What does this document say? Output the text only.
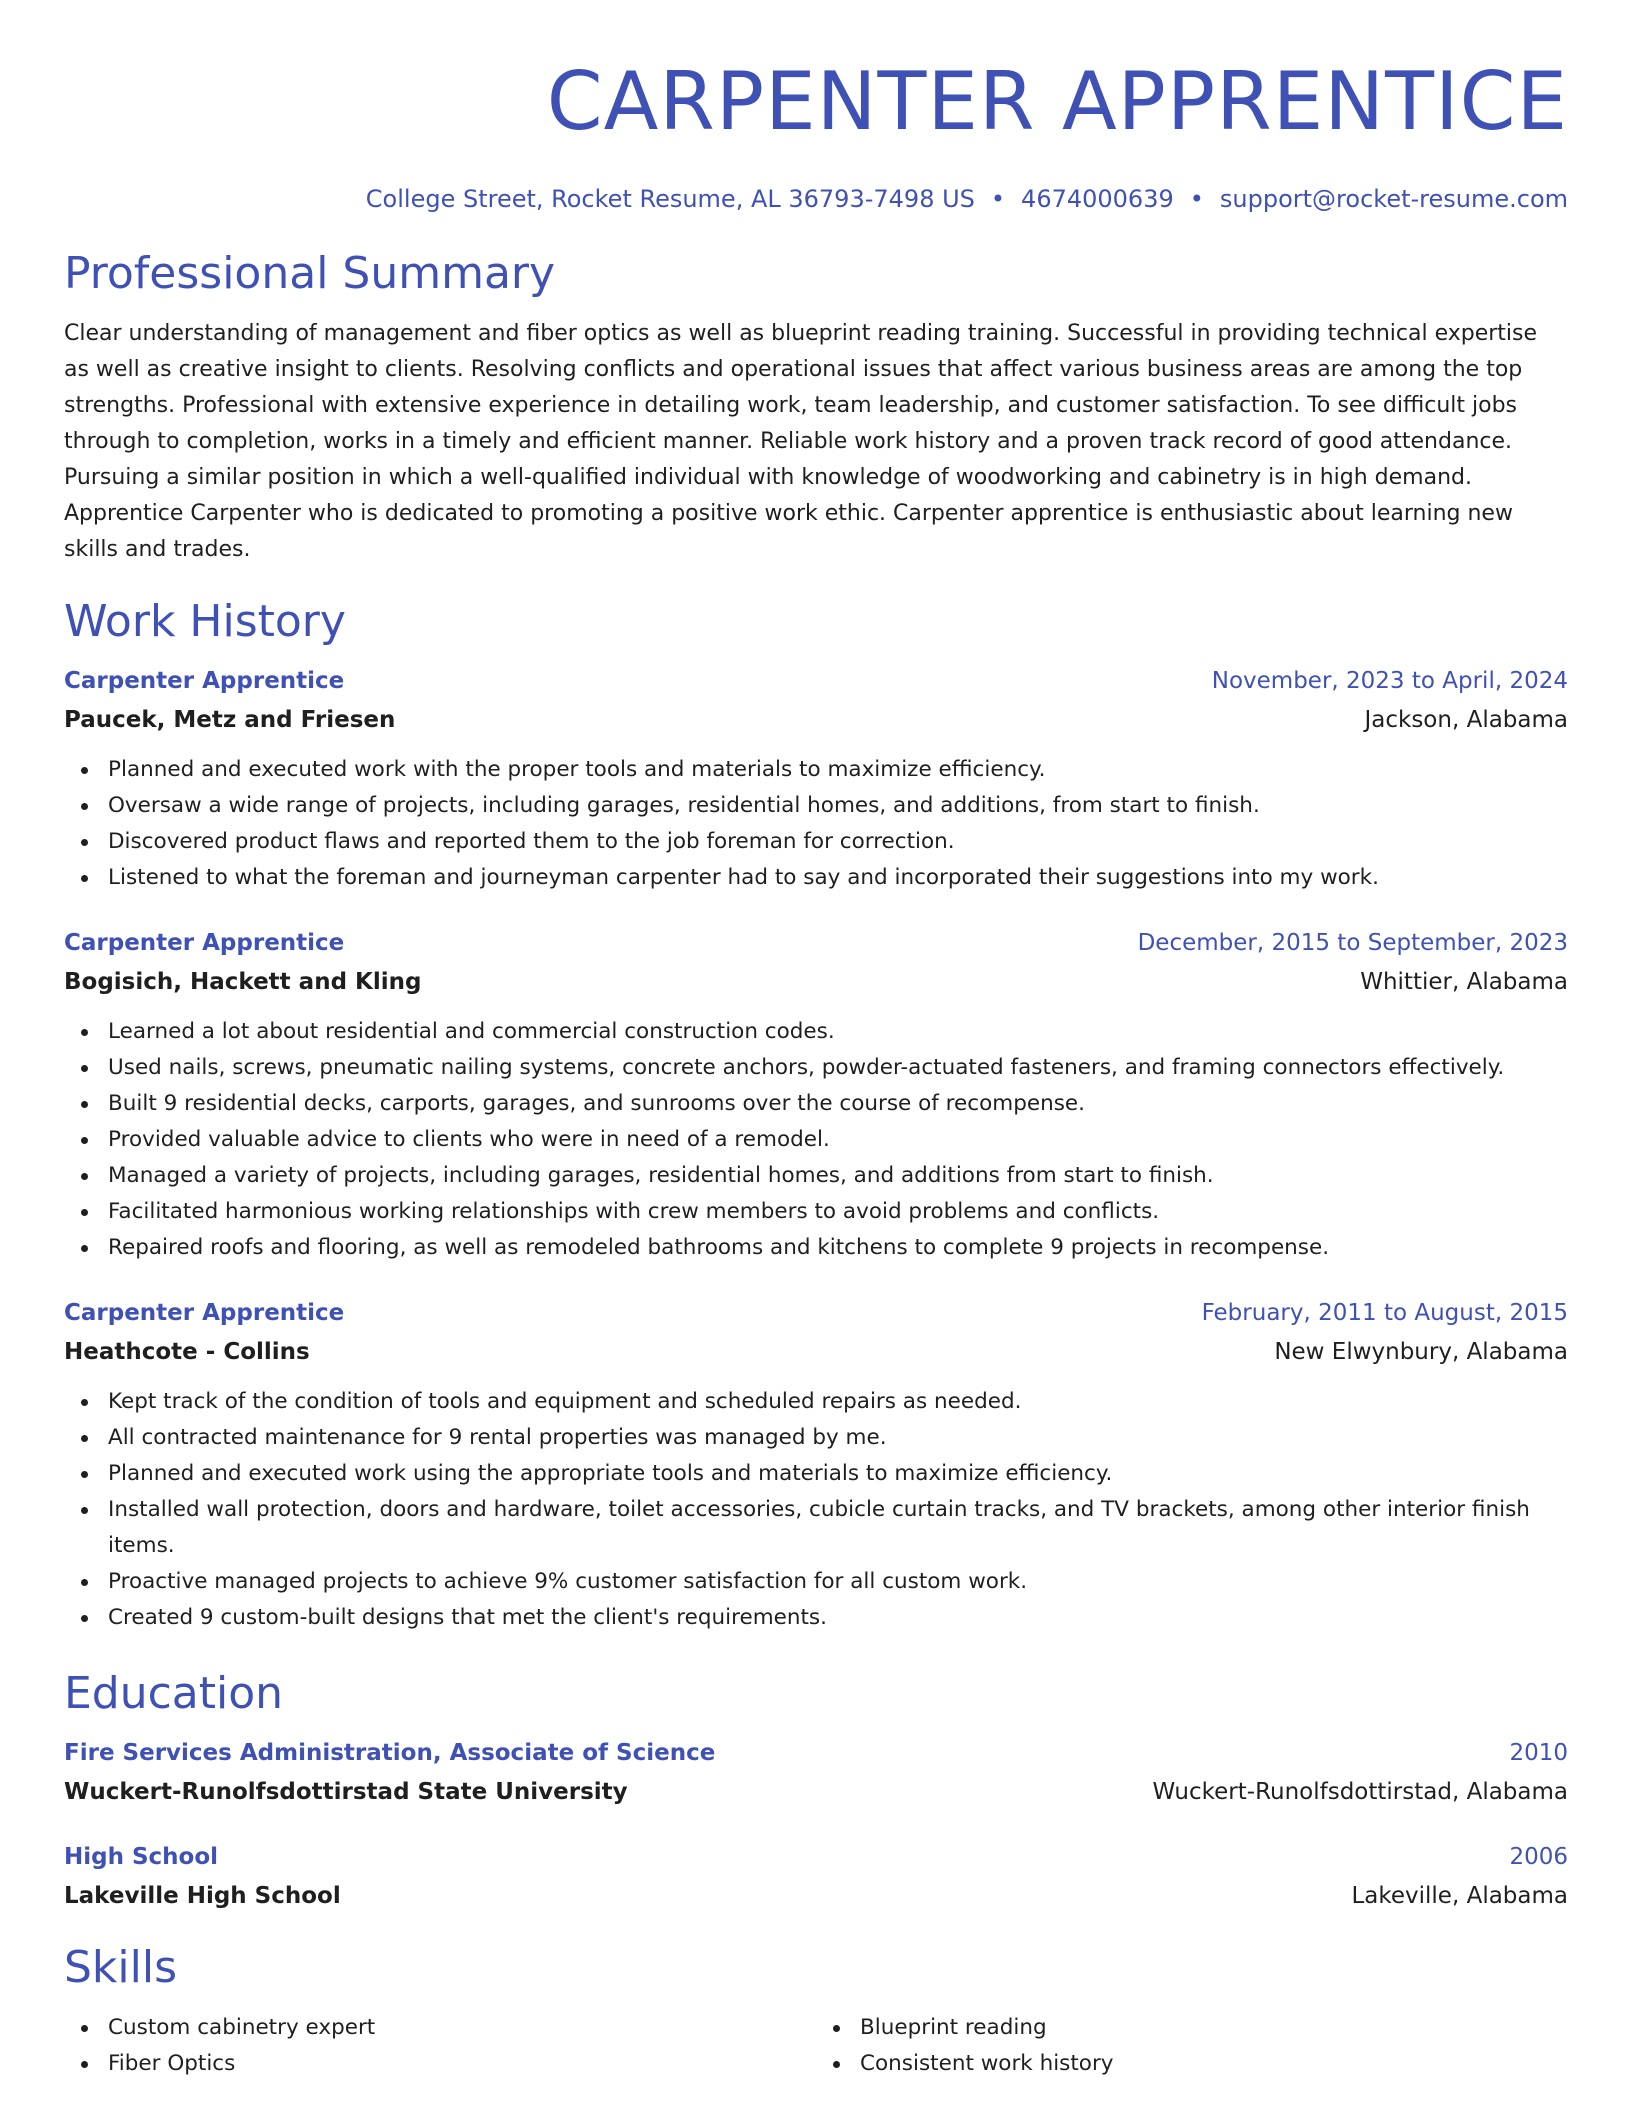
CARPENTER APPRENTICE
College Street, Rocket Resume, AL 36793-7498 US • 4674000639 • support@rocket-resume.com
Professional Summary

Clear understanding of management and fiber optics as well as blueprint reading training. Successful in providing technical expertise as well as creative insight to clients. Resolving conflicts and operational issues that affect various business areas are among the top strengths. Professional with extensive experience in detailing work, team leadership, and customer satisfaction. To see difficult jobs through to completion, works in a timely and efficient manner. Reliable work history and a proven track record of good attendance. Pursuing a similar position in which a well-qualified individual with knowledge of woodworking and cabinetry is in high demand. Apprentice Carpenter who is dedicated to promoting a positive work ethic. Carpenter apprentice is enthusiastic about learning new skills and trades.

Work History
Carpenter Apprentice	November, 2023 to April, 2024
Paucek, Metz and Friesen	Jackson, Alabama
Planned and executed work with the proper tools and materials to maximize efficiency.
Oversaw a wide range of projects, including garages, residential homes, and additions, from start to finish.
Discovered product flaws and reported them to the job foreman for correction.
Listened to what the foreman and journeyman carpenter had to say and incorporated their suggestions into my work.
Carpenter Apprentice	December, 2015 to September, 2023
Bogisich, Hackett and Kling	Whittier, Alabama
Learned a lot about residential and commercial construction codes.
Used nails, screws, pneumatic nailing systems, concrete anchors, powder-actuated fasteners, and framing connectors effectively.
Built 9 residential decks, carports, garages, and sunrooms over the course of recompense.
Provided valuable advice to clients who were in need of a remodel.
Managed a variety of projects, including garages, residential homes, and additions from start to finish.
Facilitated harmonious working relationships with crew members to avoid problems and conflicts.
Repaired roofs and flooring, as well as remodeled bathrooms and kitchens to complete 9 projects in recompense.
Carpenter Apprentice	February, 2011 to August, 2015
Heathcote - Collins	New Elwynbury, Alabama
Kept track of the condition of tools and equipment and scheduled repairs as needed.
All contracted maintenance for 9 rental properties was managed by me.
Planned and executed work using the appropriate tools and materials to maximize efficiency.
Installed wall protection, doors and hardware, toilet accessories, cubicle curtain tracks, and TV brackets, among other interior finish items.
Proactive managed projects to achieve 9% customer satisfaction for all custom work.
Created 9 custom-built designs that met the client's requirements.
Education
Fire Services Administration, Associate of Science	2010
Wuckert-Runolfsdottirstad State University	Wuckert-Runolfsdottirstad, Alabama
High School	2006
Lakeville High School	Lakeville, Alabama
Skills
Custom cabinetry expert
Fiber Optics
Blueprint reading
Consistent work history
